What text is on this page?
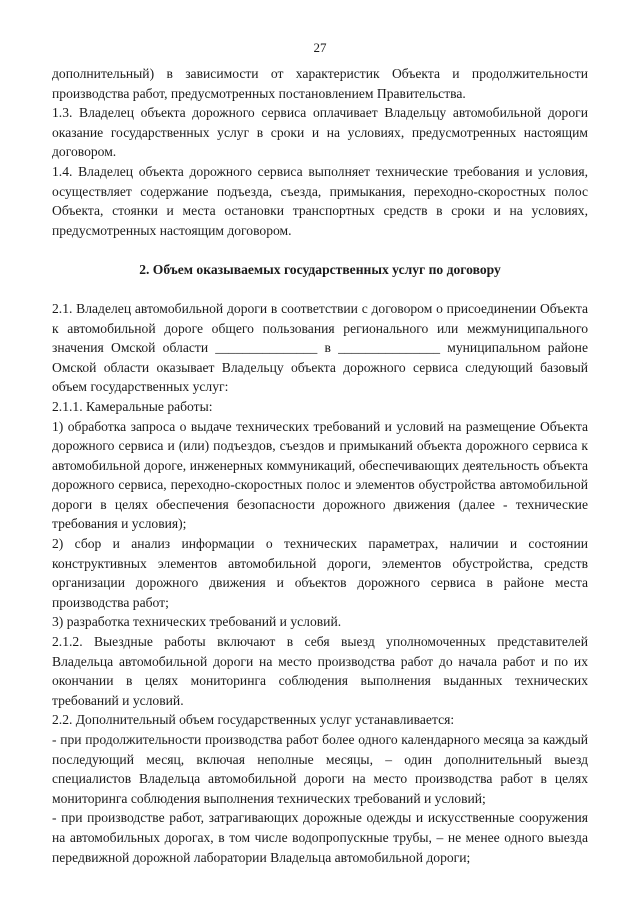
27

дополнительный) в зависимости от характеристик Объекта и продолжительности производства работ, предусмотренных постановлением Правительства.

1.3. Владелец объекта дорожного сервиса оплачивает Владельцу автомобильной дороги оказание государственных услуг в сроки и на условиях, предусмотренных настоящим договором.

1.4. Владелец объекта дорожного сервиса выполняет технические требования и условия, осуществляет содержание подъезда, съезда, примыкания, переходно-скоростных полос Объекта, стоянки и места остановки транспортных средств в сроки и на условиях, предусмотренных настоящим договором.

2. Объем оказываемых государственных услуг по договору

2.1. Владелец автомобильной дороги в соответствии с договором о присоединении Объекта к автомобильной дороге общего пользования регионального или межмуниципального значения Омской области _______________ в _______________ муниципальном районе Омской области оказывает Владельцу объекта дорожного сервиса следующий базовый объем государственных услуг:

2.1.1. Камеральные работы:

1) обработка запроса о выдаче технических требований и условий на размещение Объекта дорожного сервиса и (или) подъездов, съездов и примыканий объекта дорожного сервиса к автомобильной дороге, инженерных коммуникаций, обеспечивающих деятельность объекта дорожного сервиса, переходно-скоростных полос и элементов обустройства автомобильной дороги в целях обеспечения безопасности дорожного движения (далее - технические требования и условия);

2) сбор и анализ информации о технических параметрах, наличии и состоянии конструктивных элементов автомобильной дороги, элементов обустройства, средств организации дорожного движения и объектов дорожного сервиса в районе места производства работ;

3) разработка технических требований и условий.

2.1.2. Выездные работы включают в себя выезд уполномоченных представителей Владельца автомобильной дороги на место производства работ до начала работ и по их окончании в целях мониторинга соблюдения выполнения выданных технических требований и условий.

2.2. Дополнительный объем государственных услуг устанавливается:

- при продолжительности производства работ более одного календарного месяца за каждый последующий месяц, включая неполные месяцы, – один дополнительный выезд специалистов Владельца автомобильной дороги на место производства работ в целях мониторинга соблюдения выполнения технических требований и условий;

- при производстве работ, затрагивающих дорожные одежды и искусственные сооружения на автомобильных дорогах, в том числе водопропускные трубы, – не менее одного выезда передвижной дорожной лаборатории Владельца автомобильной дороги;
